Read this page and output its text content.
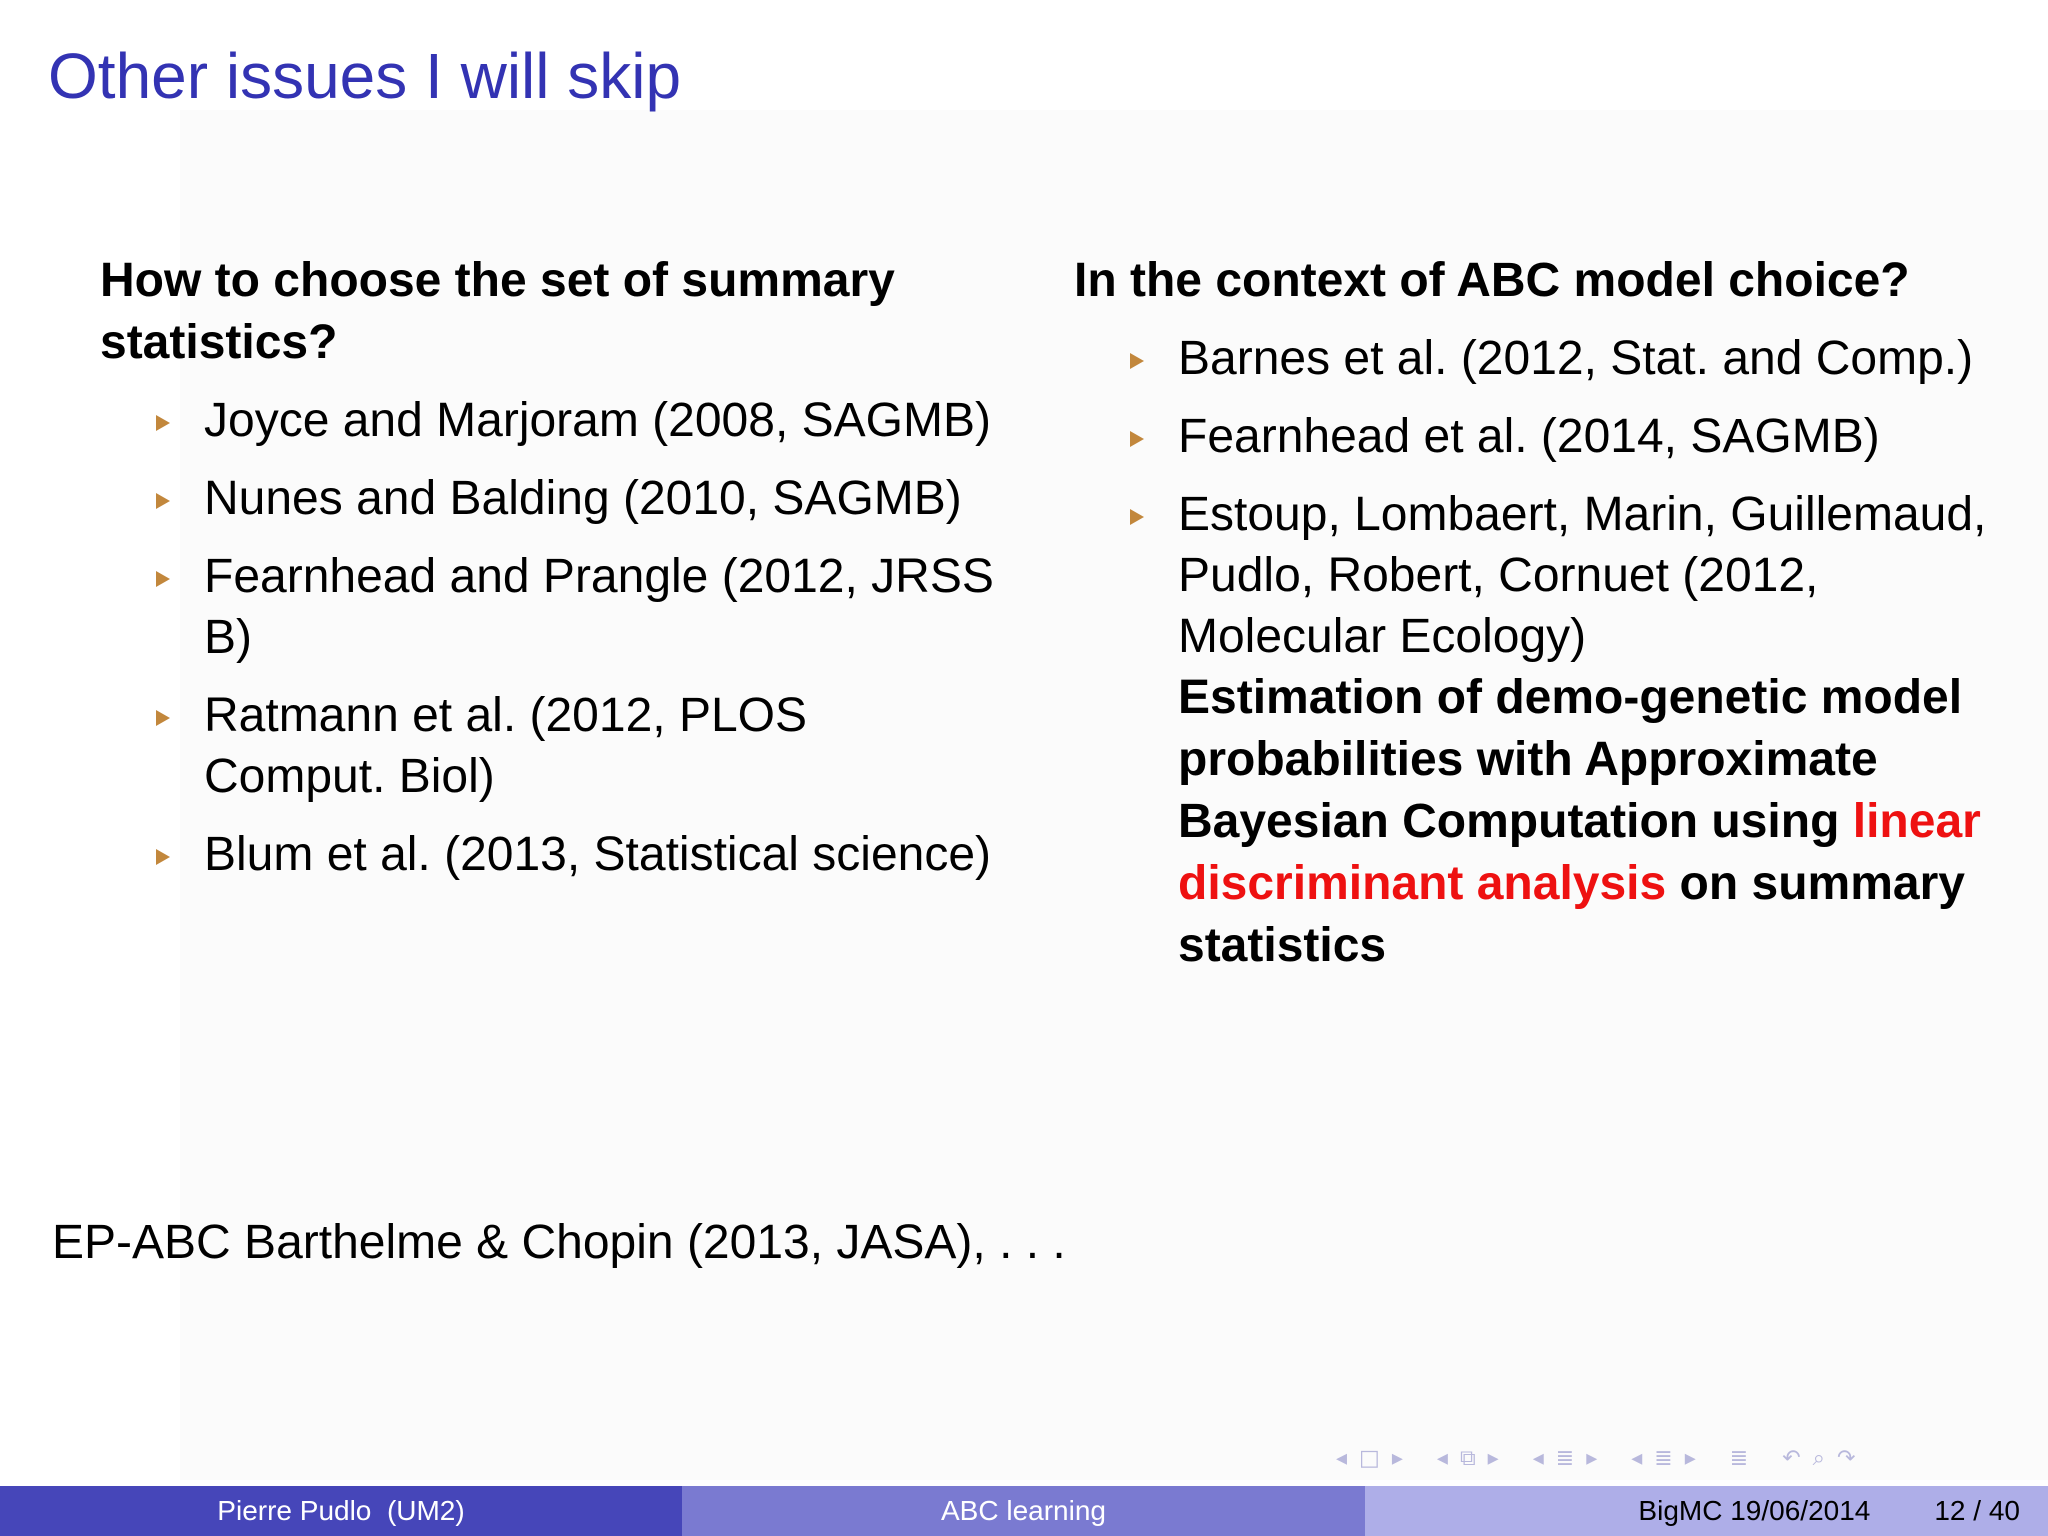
Other issues I will skip

How to choose the set of summary statistics?

Joyce and Marjoram (2008, SAGMB)
Nunes and Balding (2010, SAGMB)
Fearnhead and Prangle (2012, JRSS B)
Ratmann et al. (2012, PLOS Comput. Biol)
Blum et al. (2013, Statistical science)

In the context of ABC model choice?

Barnes et al. (2012, Stat. and Comp.)
Fearnhead et al. (2014, SAGMB)
Estoup, Lombaert, Marin, Guillemaud, Pudlo, Robert, Cornuet (2012, Molecular Ecology)
Estimation of demo-genetic model probabilities with Approximate Bayesian Computation using linear discriminant analysis on summary statistics
EP-ABC Barthelme & Chopin (2013, JASA), . . .
◂ □ ▸ ◂ ⧉ ▸ ◂ ≣ ▸ ◂ ≣ ▸ ≣ ↶ ⌕ ↷
Pierre Pudlo  (UM2)	ABC learning	BigMC 19/06/2014 12 / 40
